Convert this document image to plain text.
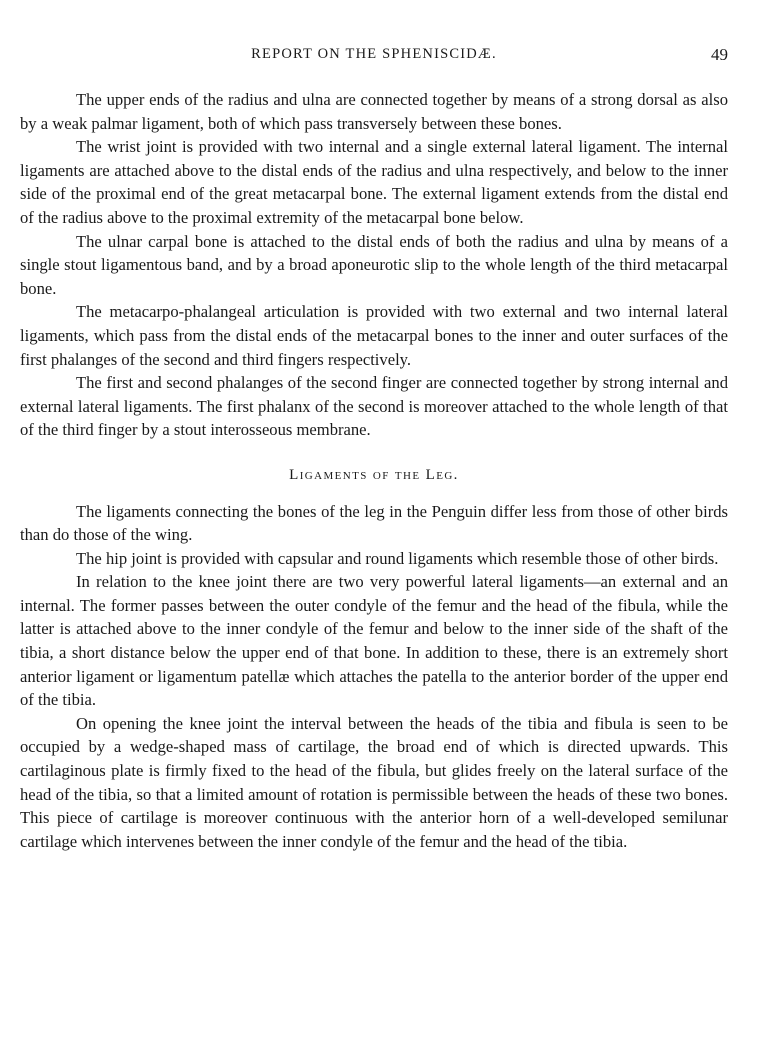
REPORT ON THE SPHENISCIDÆ.	49

The upper ends of the radius and ulna are connected together by means of a strong dorsal as also by a weak palmar ligament, both of which pass transversely between these bones.

The wrist joint is provided with two internal and a single external lateral ligament. The internal ligaments are attached above to the distal ends of the radius and ulna respectively, and below to the inner side of the proximal end of the great metacarpal bone. The external ligament extends from the distal end of the radius above to the proximal extremity of the metacarpal bone below.

The ulnar carpal bone is attached to the distal ends of both the radius and ulna by means of a single stout ligamentous band, and by a broad aponeurotic slip to the whole length of the third metacarpal bone.

The metacarpo-phalangeal articulation is provided with two external and two internal lateral ligaments, which pass from the distal ends of the metacarpal bones to the inner and outer surfaces of the first phalanges of the second and third fingers respectively.

The first and second phalanges of the second finger are connected together by strong internal and external lateral ligaments. The first phalanx of the second is moreover attached to the whole length of that of the third finger by a stout interosseous membrane.

Ligaments of the Leg.

The ligaments connecting the bones of the leg in the Penguin differ less from those of other birds than do those of the wing.

The hip joint is provided with capsular and round ligaments which resemble those of other birds.

In relation to the knee joint there are two very powerful lateral ligaments—an external and an internal. The former passes between the outer condyle of the femur and the head of the fibula, while the latter is attached above to the inner condyle of the femur and below to the inner side of the shaft of the tibia, a short distance below the upper end of that bone. In addition to these, there is an extremely short anterior ligament or ligamentum patellæ which attaches the patella to the anterior border of the upper end of the tibia.

On opening the knee joint the interval between the heads of the tibia and fibula is seen to be occupied by a wedge-shaped mass of cartilage, the broad end of which is directed upwards. This cartilaginous plate is firmly fixed to the head of the fibula, but glides freely on the lateral surface of the head of the tibia, so that a limited amount of rotation is permissible between the heads of these two bones. This piece of cartilage is moreover continuous with the anterior horn of a well-developed semilunar cartilage which intervenes between the inner condyle of the femur and the head of the tibia.
